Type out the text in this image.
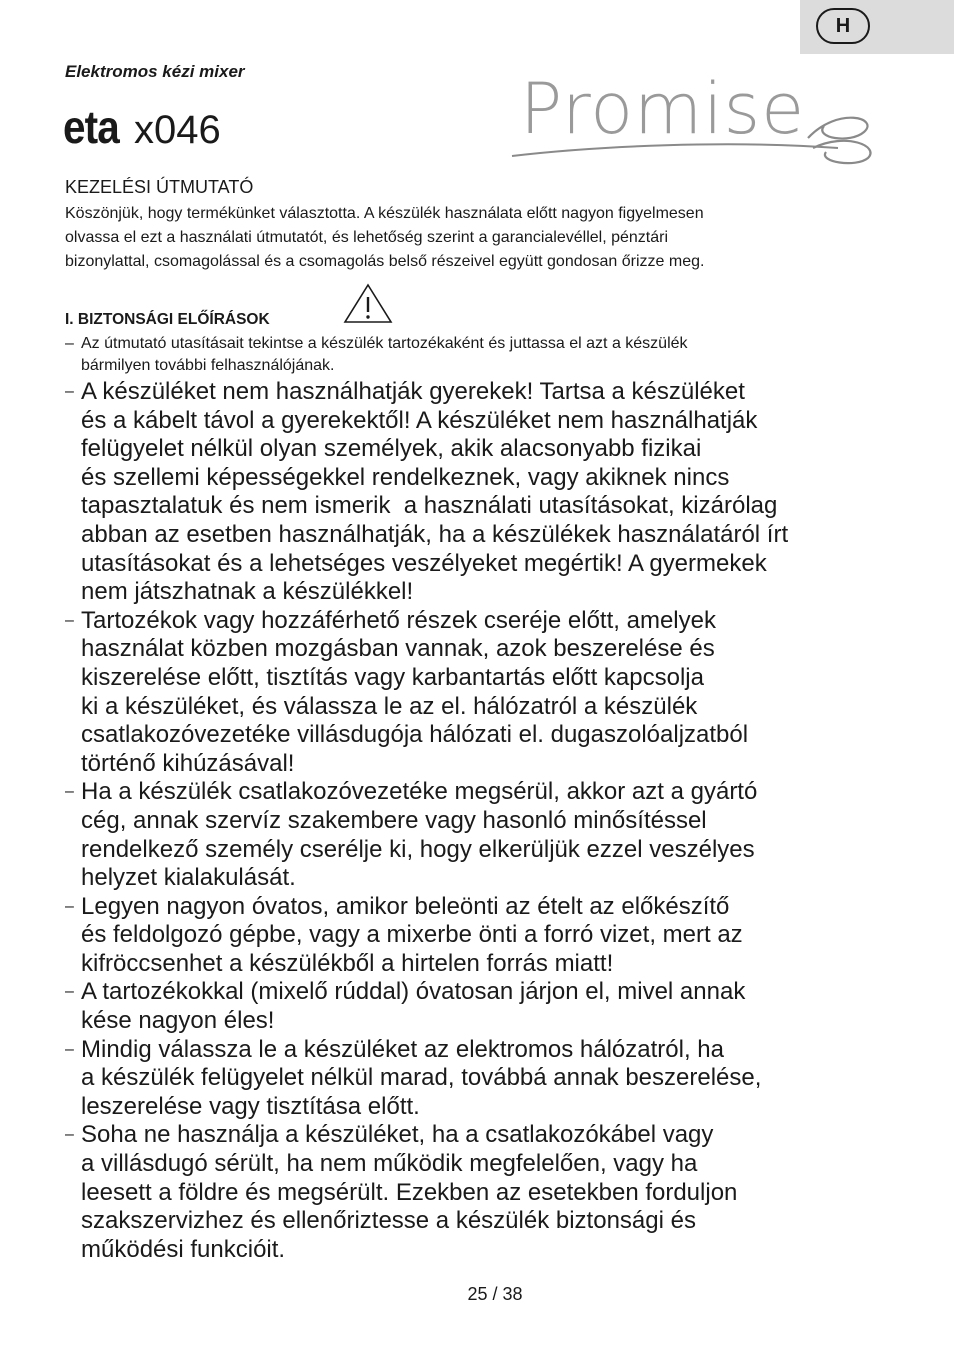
H
Elektromos kézi mixer
eta x046	Promise
KEZELÉSI ÚTMUTATÓ
Köszönjük, hogy termékünket választotta. A készülék használata előtt nagyon figyelmesen
olvassa el ezt a használati útmutatót, és lehetőség szerint a garancialevéllel, pénztári
bizonylattal, csomagolással és a csomagolás belső részeivel együtt gondosan őrizze meg.
I. BIZTONSÁGI ELŐÍRÁSOK
– Az útmutató utasításait tekintse a készülék tartozékaként és juttassa el azt a készülék
bármilyen további felhasználójának.
– A készüléket nem használhatják gyerekek! Tartsa a készüléket
és a kábelt távol a gyerekektől! A készüléket nem használhatják
felügyelet nélkül olyan személyek, akik alacsonyabb fizikai
és szellemi képességekkel rendelkeznek, vagy akiknek nincs
tapasztalatuk és nem ismerik  a használati utasításokat, kizárólag
abban az esetben használhatják, ha a készülékek használatáról írt
utasításokat és a lehetséges veszélyeket megértik! A gyermekek
nem játszhatnak a készülékkel!
– Tartozékok vagy hozzáférhető részek cseréje előtt, amelyek
használat közben mozgásban vannak, azok beszerelése és
kiszerelése előtt, tisztítás vagy karbantartás előtt kapcsolja
ki a készüléket, és válassza le az el. hálózatról a készülék
csatlakozóvezetéke villásdugója hálózati el. dugaszolóaljzatból
történő kihúzásával!
– Ha a készülék csatlakozóvezetéke megsérül, akkor azt a gyártó
cég, annak szervíz szakembere vagy hasonló minősítéssel
rendelkező személy cserélje ki, hogy elkerüljük ezzel veszélyes
helyzet kialakulását.
– Legyen nagyon óvatos, amikor beleönti az ételt az előkészítő
és feldolgozó gépbe, vagy a mixerbe önti a forró vizet, mert az
kifröccsenhet a készülékből a hirtelen forrás miatt!
– A tartozékokkal (mixelő rúddal) óvatosan járjon el, mivel annak
kése nagyon éles!
– Mindig válassza le a készüléket az elektromos hálózatról, ha
a készülék felügyelet nélkül marad, továbbá annak beszerelése,
leszerelése vagy tisztítása előtt.
– Soha ne használja a készüléket, ha a csatlakozókábel vagy
a villásdugó sérült, ha nem működik megfelelően, vagy ha
leesett a földre és megsérült. Ezekben az esetekben forduljon
szakszervizhez és ellenőriztesse a készülék biztonsági és
működési funkcióit.
25 / 38
